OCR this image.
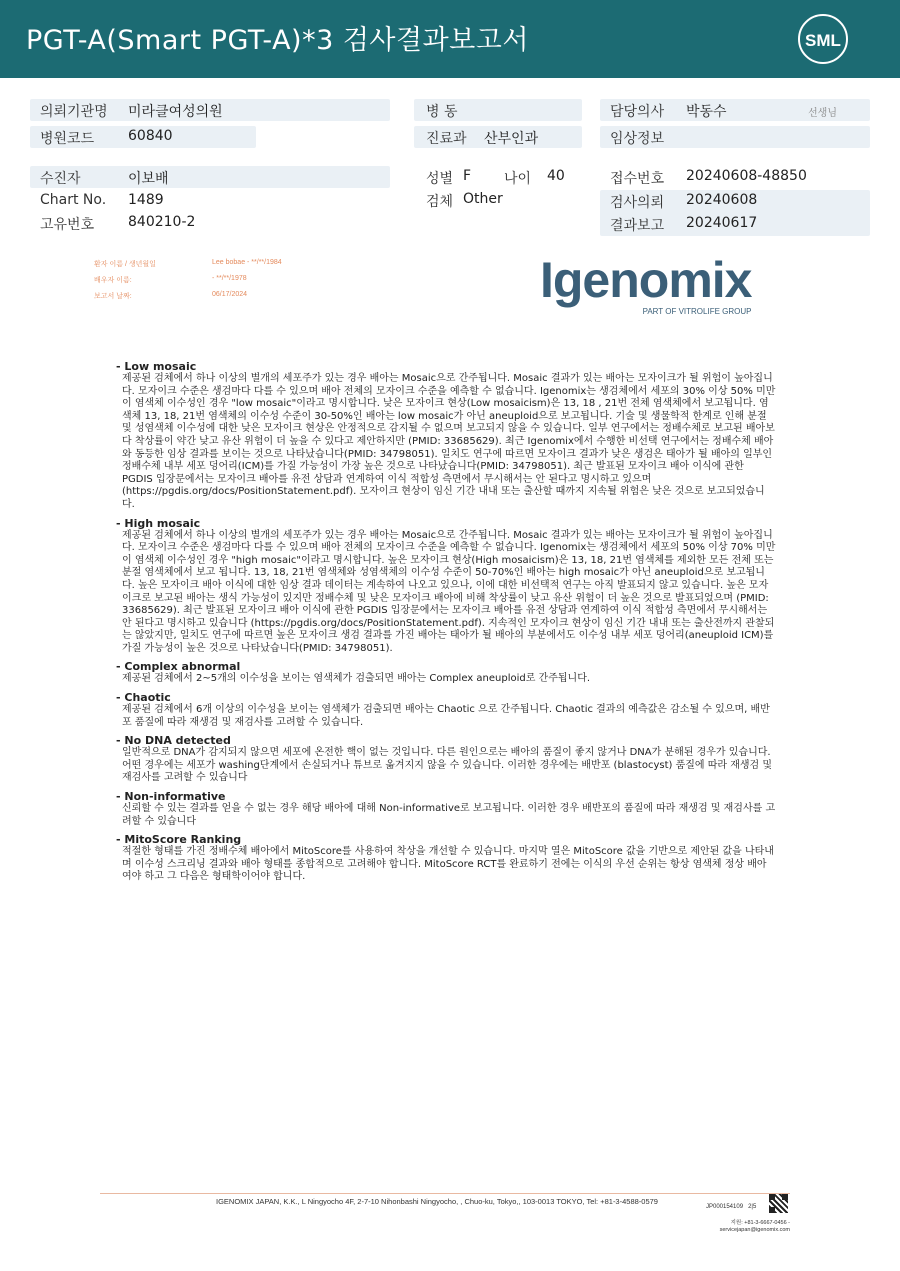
PGT-A(Smart PGT-A)*3 검사결과보고서	SML
의뢰기관명 미라클여성의원
병원코드 60840
병 동
진료과 산부인과
담당의사 박동수	선생님
임상정보
수진자	이보배
Chart No. 1489
고유번호 840210-2
성별 F 나이 40
검체 Other
접수번호 20240608-48850
검사의뢰 20240608
결과보고 20240617
환자 이름 / 생년월일	Lee bobae - **/**/1984
배우자 이름:	- **/**/1978
보고서 날짜:	06/17/2024	Igenomix
PART OF VITROLIFE GROUP
- Low mosaic
제공된 검체에서 하나 이상의 별개의 세포주가 있는 경우 배아는 Mosaic으로 간주됩니다. Mosaic 결과가 있는 배아는 모자이크가 될 위험이 높아집니다. 모자이크 수준은 생검마다 다를 수 있으며 배아 전체의 모자이크 수준을 예측할 수 없습니다. Igenomix는 생검체에서 세포의 30% 이상 50% 미만이 염색체 이수성인 경우 "low mosaic"이라고 명시합니다. 낮은 모자이크 현상(Low mosaicism)은 13, 18 , 21번 전체 염색체에서 보고됩니다. 염색체 13, 18, 21번 염색체의 이수성 수준이 30-50%인 배아는 low mosaic가 아닌 aneuploid으로 보고됩니다. 기술 및 생물학적 한계로 인해 분절 및 성염색체 이수성에 대한 낮은 모자이크 현상은 안정적으로 감지될 수 없으며 보고되지 않을 수 있습니다. 일부 연구에서는 정배수체로 보고된 배아보다 착상률이 약간 낮고 유산 위험이 더 높을 수 있다고 제안하지만 (PMID: 33685629). 최근 Igenomix에서 수행한 비선택 연구에서는 정배수체 배아와 동등한 임상 결과를 보이는 것으로 나타났습니다(PMID: 34798051). 일치도 연구에 따르면 모자이크 결과가 낮은 생검은 태아가 될 배아의 일부인 정배수체 내부 세포 덩어리(ICM)를 가질 가능성이 가장 높은 것으로 나타났습니다(PMID: 34798051). 최근 발표된 모자이크 배아 이식에 관한 PGDIS 입장문에서는 모자이크 배아를 유전 상담과 연계하여 이식 적합성 측면에서 무시해서는 안 된다고 명시하고 있으며 (https://pgdis.org/docs/PositionStatement.pdf). 모자이크 현상이 임신 기간 내내 또는 출산할 때까지 지속될 위험은 낮은 것으로 보고되었습니다.
- High mosaic
제공된 검체에서 하나 이상의 별개의 세포주가 있는 경우 배아는 Mosaic으로 간주됩니다. Mosaic 결과가 있는 배아는 모자이크가 될 위험이 높아집니다. 모자이크 수준은 생검마다 다를 수 있으며 배아 전체의 모자이크 수준을 예측할 수 없습니다. Igenomix는 생검체에서 세포의 50% 이상 70% 미만이 염색체 이수성인 경우 "high mosaic"이라고 명시합니다. 높은 모자이크 현상(High mosaicism)은 13, 18, 21번 염색체를 제외한 모든 전체 또는 분절 염색체에서 보고 됩니다. 13, 18, 21번 염색체와 성염색체의 이수성 수준이 50-70%인 배아는 high mosaic가 아닌 aneuploid으로 보고됩니다. 높은 모자이크 배아 이식에 대한 임상 결과 데이터는 계속하여 나오고 있으나, 이에 대한 비선택적 연구는 아직 발표되지 않고 있습니다. 높은 모자이크로 보고된 배아는 생식 가능성이 있지만 정배수체 및 낮은 모자이크 배아에 비해 착상률이 낮고 유산 위험이 더 높은 것으로 발표되었으며 (PMID: 33685629). 최근 발표된 모자이크 배아 이식에 관한 PGDIS 입장문에서는 모자이크 배아를 유전 상담과 연계하여 이식 적합성 측면에서 무시해서는 안 된다고 명시하고 있습니다 (https://pgdis.org/docs/PositionStatement.pdf). 지속적인 모자이크 현상이 임신 기간 내내 또는 출산전까지 관찰되는 않았지만, 일치도 연구에 따르면 높은 모자이크 생검 결과를 가진 배아는 태아가 될 배아의 부분에서도 이수성 내부 세포 덩어리(aneuploid ICM)를 가질 가능성이 높은 것으로 나타났습니다(PMID: 34798051).
- Complex abnormal
제공된 검체에서 2~5개의 이수성을 보이는 염색체가 검출되면 배아는 Complex aneuploid로 간주됩니다.
- Chaotic
제공된 검체에서 6개 이상의 이수성을 보이는 염색체가 검출되면 배아는 Chaotic 으로 간주됩니다. Chaotic 결과의 예측값은 감소될 수 있으며, 배반포 품질에 따라 재생검 및 재검사를 고려할 수 있습니다.
- No DNA detected
일반적으로 DNA가 감지되지 않으면 세포에 온전한 핵이 없는 것입니다. 다른 원인으로는 배아의 품질이 좋지 않거나 DNA가 분해된 경우가 있습니다. 어떤 경우에는 세포가 washing단계에서 손실되거나 튜브로 옮겨지지 않을 수 있습니다. 이러한 경우에는 배반포 (blastocyst) 품질에 따라 재생검 및 재검사를 고려할 수 있습니다
- Non-informative
신뢰할 수 있는 결과를 얻을 수 없는 경우 해당 배아에 대해 Non-informative로 보고됩니다. 이러한 경우 배반포의 품질에 따라 재생검 및 재검사를 고려할 수 있습니다
- MitoScore Ranking
적절한 형태를 가진 정배수체 배아에서 MitoScore를 사용하여 착상을 개선할 수 있습니다. 마지막 열은 MitoScore 값을 기반으로 제안된 값을 나타내며 이수성 스크리닝 결과와 배아 형태를 종합적으로 고려해야 합니다. MitoScore RCT를 완료하기 전에는 이식의 우선 순위는 항상 염색체 정상 배아여야 하고 그 다음은 형태학이어야 합니다.
IGENOMIX JAPAN, K.K., L Ningyocho 4F, 2-7-10 Nihonbashi Ningyocho, , Chuo-ku, Tokyo,, 103-0013 TOKYO, Tel: +81-3-4588-0579
JP000154109 2|5
지원: +81-3-6667-0456 -
servicejapan@igenomix.com
